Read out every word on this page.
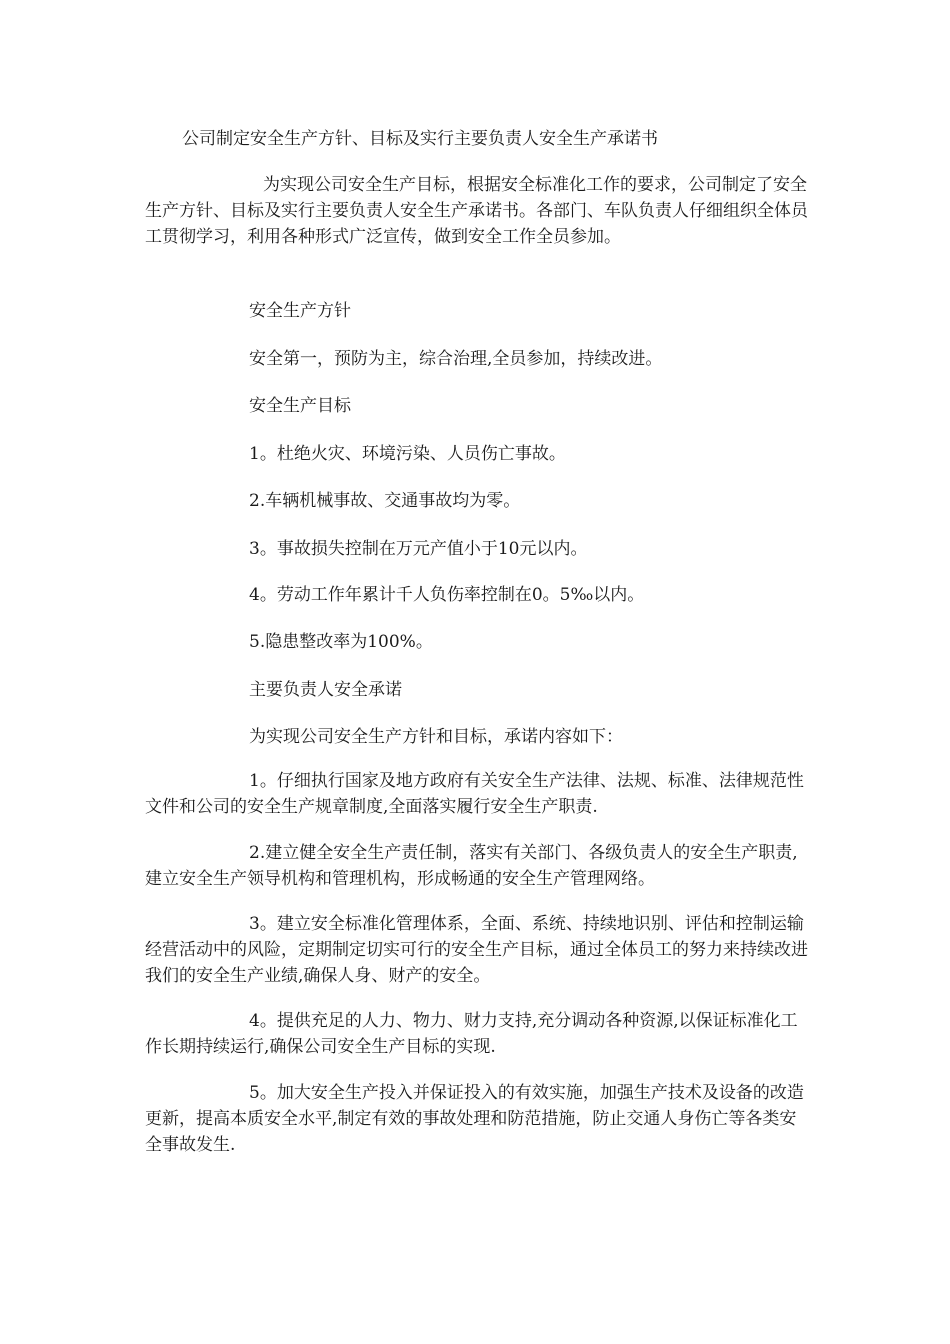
公司制定安全生产方针、目标及实行主要负责人安全生产承诺书

为实现公司安全生产目标，根据安全标准化工作的要求，公司制定了安全生产方针、目标及实行主要负责人安全生产承诺书。各部门、车队负责人仔细组织全体员工贯彻学习，利用各种形式广泛宣传，做到安全工作全员参加。

安全生产方针
安全第一，预防为主，综合治理,全员参加，持续改进。
安全生产目标
1。杜绝火灾、环境污染、人员伤亡事故。
2.车辆机械事故、交通事故均为零。
3。事故损失控制在万元产值小于10元以内。
4。劳动工作年累计千人负伤率控制在0。5‰以内。
5.隐患整改率为100%。
主要负责人安全承诺
为实现公司安全生产方针和目标，承诺内容如下：

1。仔细执行国家及地方政府有关安全生产法律、法规、标准、法律规范性文件和公司的安全生产规章制度,全面落实履行安全生产职责.

2.建立健全安全生产责任制，落实有关部门、各级负责人的安全生产职责,建立安全生产领导机构和管理机构，形成畅通的安全生产管理网络。

3。建立安全标准化管理体系，全面、系统、持续地识别、评估和控制运输经营活动中的风险，定期制定切实可行的安全生产目标，通过全体员工的努力来持续改进我们的安全生产业绩,确保人身、财产的安全。

4。提供充足的人力、物力、财力支持,充分调动各种资源,以保证标准化工作长期持续运行,确保公司安全生产目标的实现.

5。加大安全生产投入并保证投入的有效实施，加强生产技术及设备的改造更新，提高本质安全水平,制定有效的事故处理和防范措施，防止交通人身伤亡等各类安全事故发生.
